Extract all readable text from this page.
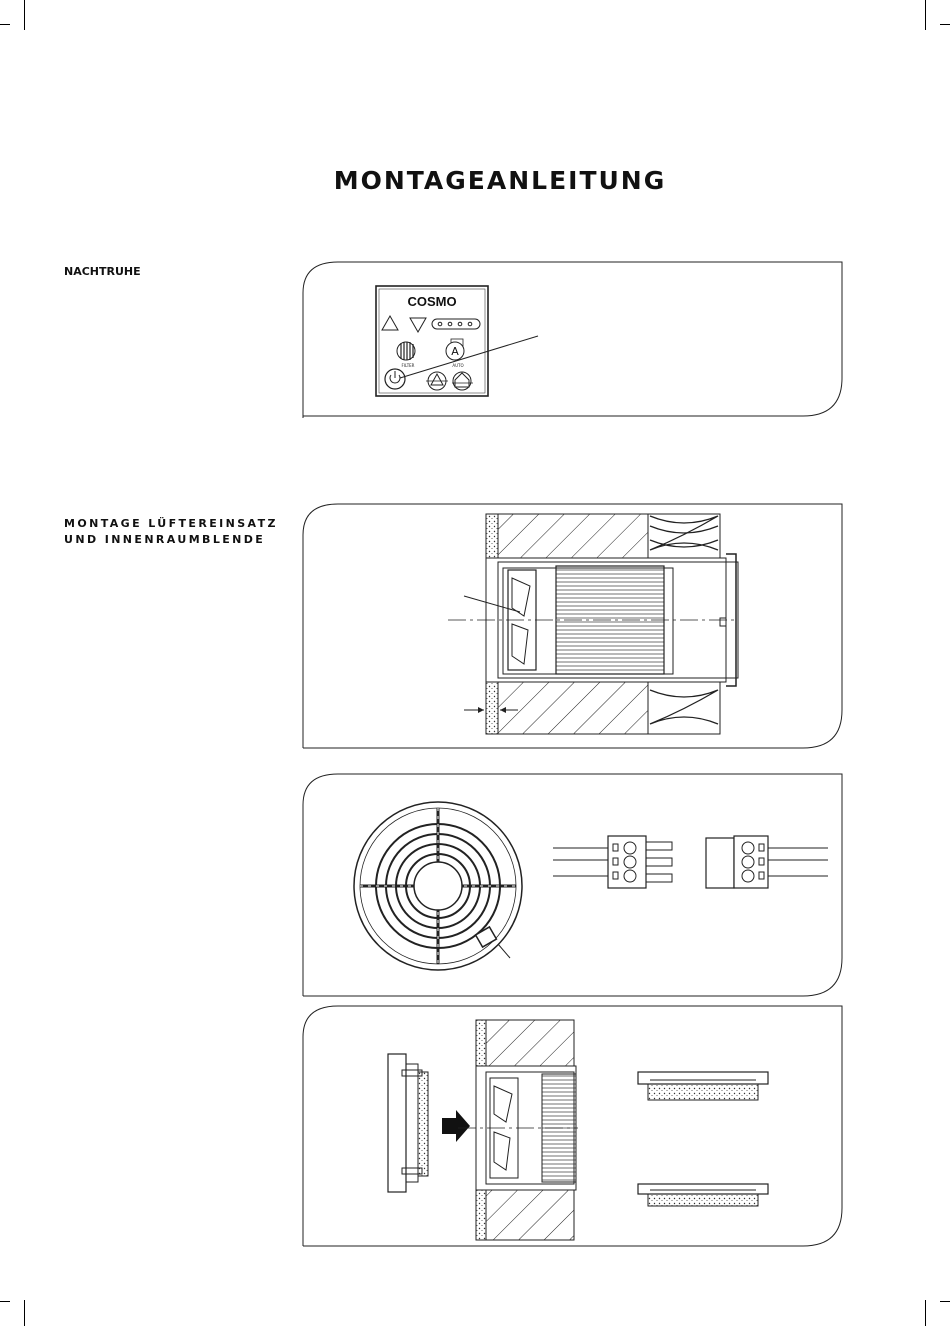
MONTAGEANLEITUNG
NACHTRUHE
MONTAGE LÜFTEREINSATZ
UND INNENRAUMBLENDE
COSMO
FILTER
A
AUTO
